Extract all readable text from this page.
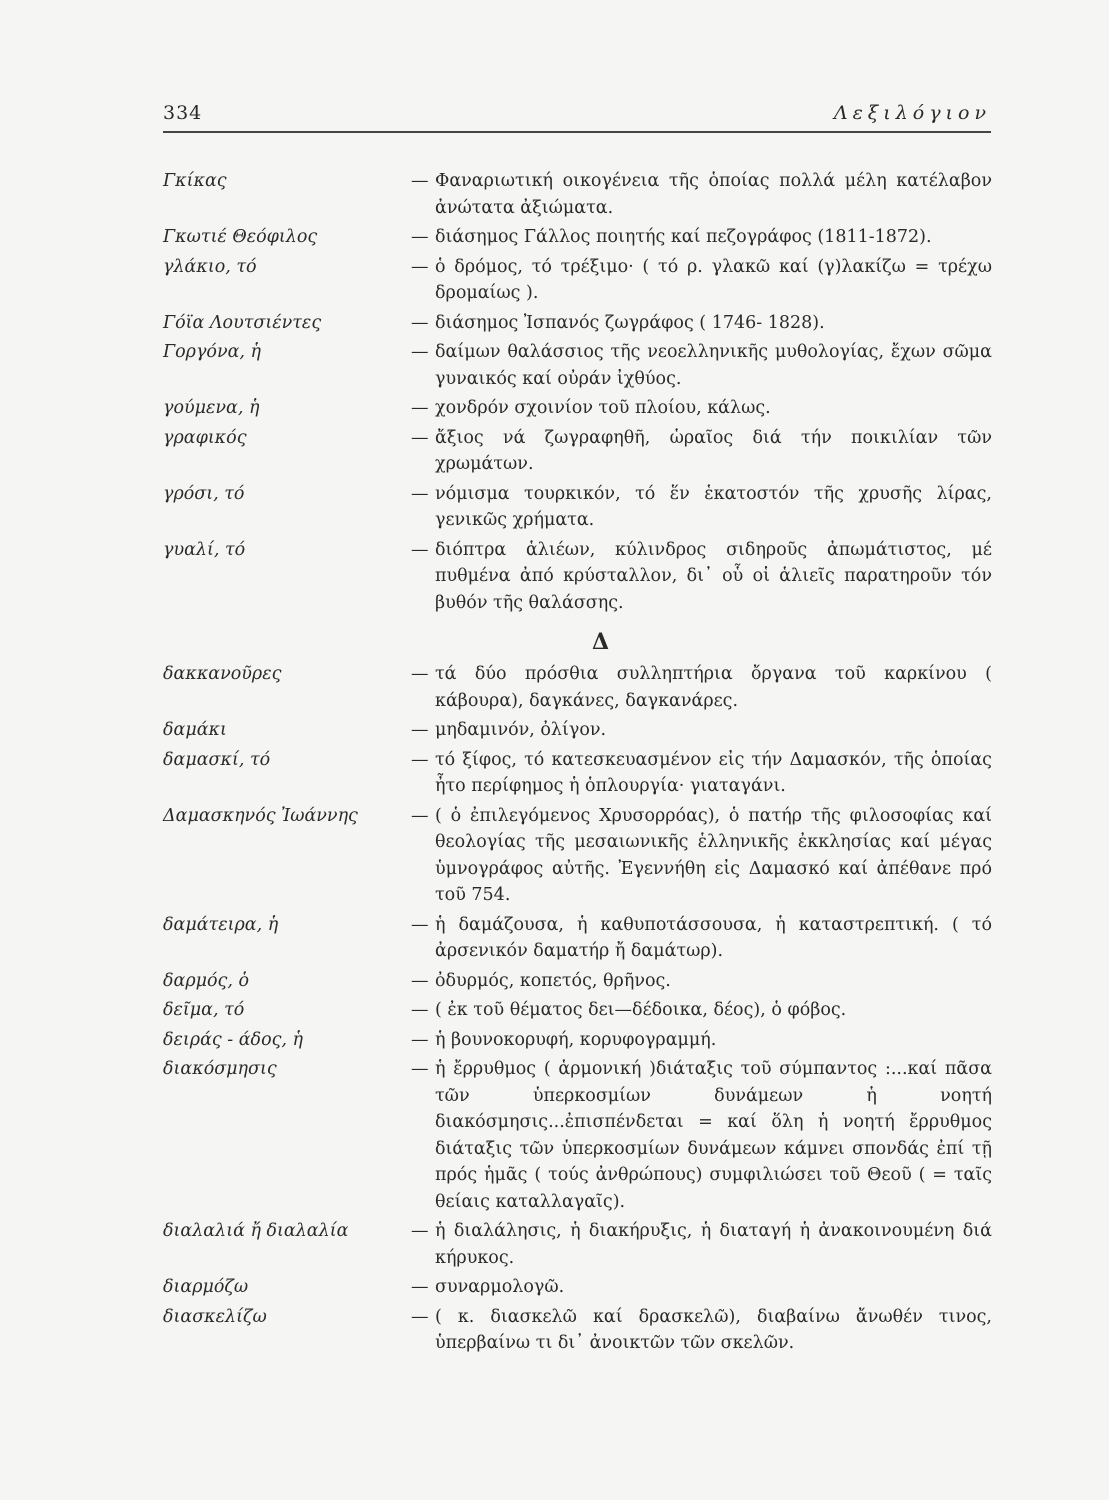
334	Λεξιλόγιον
Γκίκας	— Φαναριωτική οικογένεια τῆς ὁποίας πολλά μέλη κατέλαβον ἀνώτατα ἀξιώματα.
Γκωτιέ Θεόφιλος	— διάσημος Γάλλος ποιητής καί πεζογράφος (1811-1872).
γλάκιο, τό	— ὁ δρόμος, τό τρέξιμο· ( τό ρ. γλακῶ καί (γ)λακίζω = τρέχω δρομαίως ).
Γόϊα Λουτσιέντες	— διάσημος Ἰσπανός ζωγράφος ( 1746- 1828).
Γοργόνα, ἡ	— δαίμων θαλάσσιος τῆς νεοελληνικῆς μυθολογίας, ἔχων σῶμα γυναικός καί οὐράν ἰχθύος.
γούμενα, ἡ	— χονδρόν σχοινίον τοῦ πλοίου, κάλως.
γραφικός	— ἄξιος νά ζωγραφηθῆ, ὡραῖος διά τήν ποικιλίαν τῶν χρωμάτων.
γρόσι, τό	— νόμισμα τουρκικόν, τό ἕν ἑκατοστόν τῆς χρυσῆς λίρας, γενικῶς χρήματα.
γυαλί, τό	— διόπτρα ἁλιέων, κύλινδρος σιδηροῦς ἀπωμάτιστος, μέ πυθμένα ἀπό κρύσταλλον, δι᾽ οὗ οἱ ἁλιεῖς παρατηροῦν τόν βυθόν τῆς θαλάσσης.
Δ
δακκανοῦρες	— τά δύο πρόσθια συλληπτήρια ὄργανα τοῦ καρκίνου ( κάβουρα), δαγκάνες, δαγκανάρες.
δαμάκι	— μηδαμινόν, ὀλίγον.
δαμασκί, τό	— τό ξίφος, τό κατεσκευασμένον εἰς τήν Δαμασκόν, τῆς ὁποίας ἦτο περίφημος ἡ ὁπλουργία· γιαταγάνι.
Δαμασκηνός Ἰωάννης	— ( ὁ ἐπιλεγόμενος Χρυσορρόας), ὁ πατήρ τῆς φιλοσοφίας καί θεολογίας τῆς μεσαιωνικῆς ἑλληνικῆς ἐκκλησίας καί μέγας ὑμνογράφος αὐτῆς. Ἐγεννήθη εἰς Δαμασκό καί ἀπέθανε πρό τοῦ 754.
δαμάτειρα, ἡ	— ἡ δαμάζουσα, ἡ καθυποτάσσουσα, ἡ καταστρεπτική. ( τό ἀρσενικόν δαματήρ ἤ δαμάτωρ).
δαρμός, ὁ	— ὀδυρμός, κοπετός, θρῆνος.
δεῖμα, τό	— ( ἐκ τοῦ θέματος δει—δέδοικα, δέος), ὁ φόβος.
δειράς - άδος, ἡ	— ἡ βουνοκορυφή, κορυφογραμμή.
διακόσμησις	— ἡ ἔρρυθμος ( ἁρμονική )διάταξις τοῦ σύμπαντος :...καί πᾶσα τῶν ὑπερκοσμίων δυνάμεων ἡ νοητή διακόσμησις...ἐπισπένδεται = καί ὅλη ἡ νοητή ἔρρυθμος διάταξις τῶν ὑπερκοσμίων δυνάμεων κάμνει σπονδάς ἐπί τῇ πρός ἡμᾶς ( τούς ἀνθρώπους) συμφιλιώσει τοῦ Θεοῦ ( = ταῖς θείαις καταλλαγαῖς).
διαλαλιά ἤ διαλαλία	— ἡ διαλάλησις, ἡ διακήρυξις, ἡ διαταγή ἡ ἀνακοινουμένη διά κήρυκος.
διαρμόζω	— συναρμολογῶ.
διασκελίζω	— ( κ. διασκελῶ καί δρασκελῶ), διαβαίνω ἄνωθέν τινος, ὑπερβαίνω τι δι᾽ ἀνοικτῶν τῶν σκελῶν.
